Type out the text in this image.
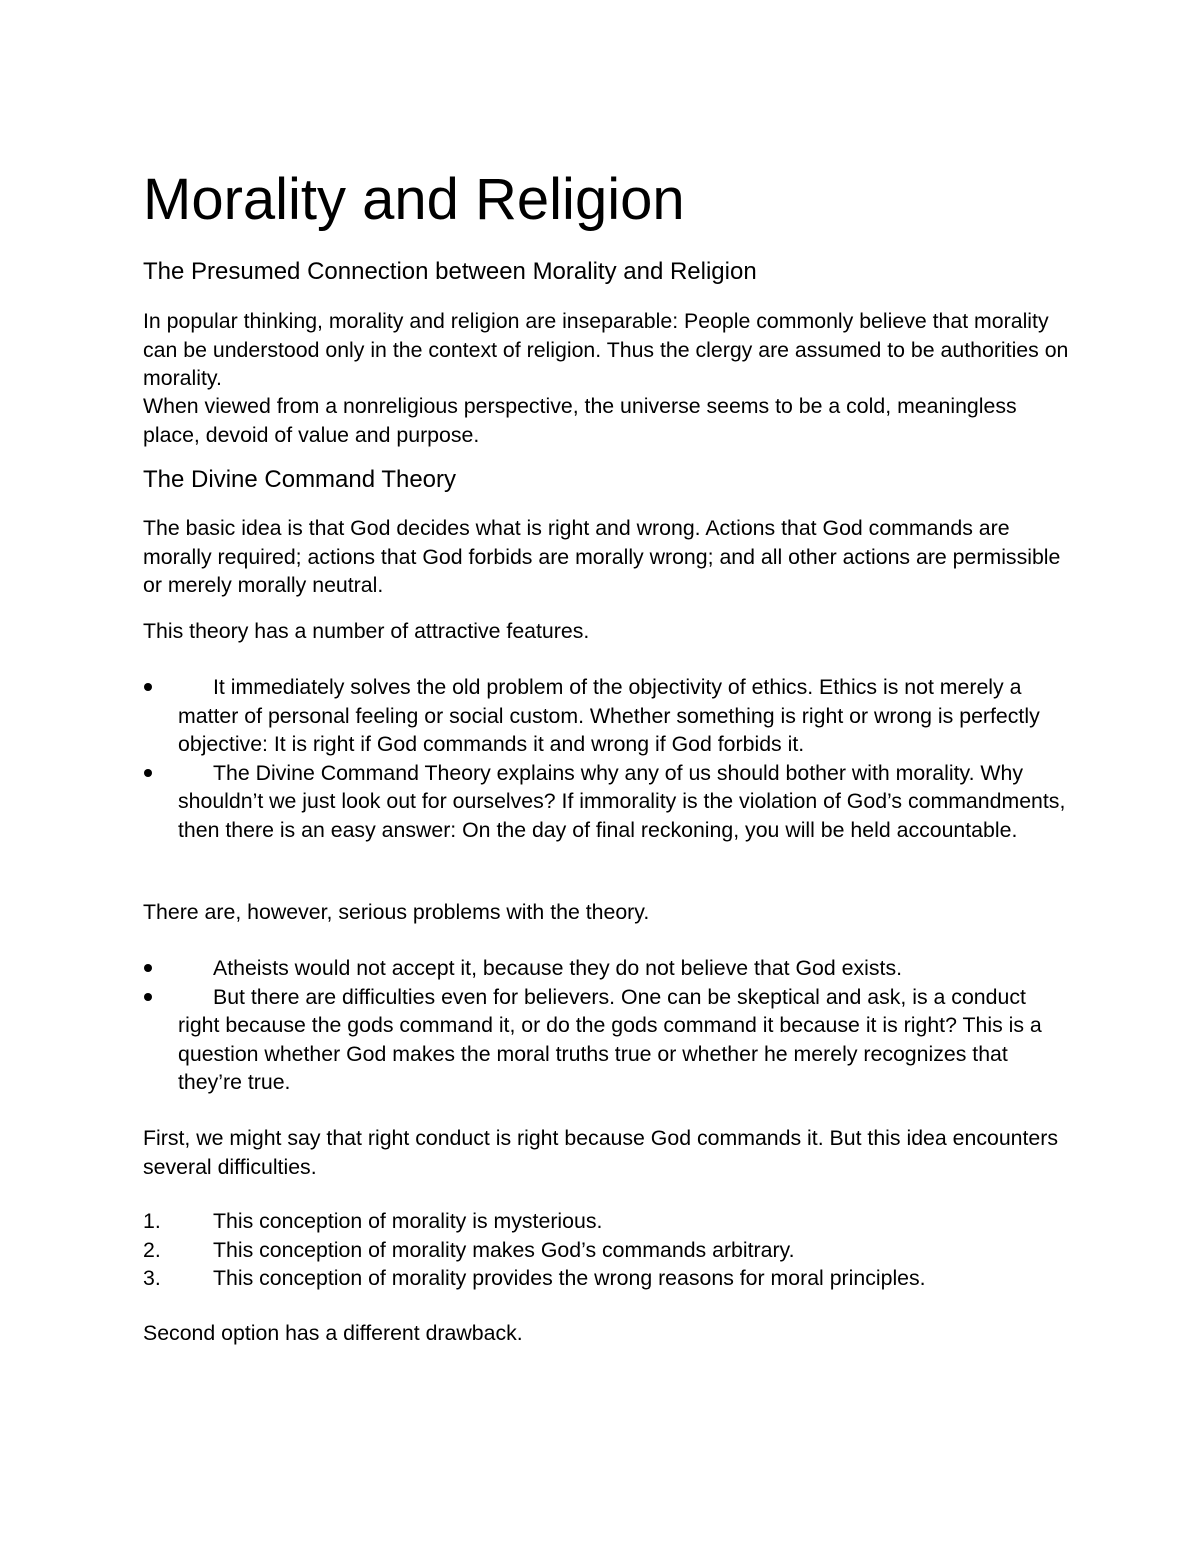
Morality and Religion
The Presumed Connection between Morality and Religion

In popular thinking, morality and religion are inseparable: People commonly believe that morality can be understood only in the context of religion. Thus the clergy are assumed to be authorities on morality.

When viewed from a nonreligious perspective, the universe seems to be a cold, meaningless place, devoid of value and purpose.

The Divine Command Theory

The basic idea is that God decides what is right and wrong. Actions that God commands are morally required; actions that God forbids are morally wrong; and all other actions are permissible or merely morally neutral.

This theory has a number of attractive features.

It immediately solves the old problem of the objectivity of ethics. Ethics is not merely a matter of personal feeling or social custom. Whether something is right or wrong is perfectly objective: It is right if God commands it and wrong if God forbids it.
The Divine Command Theory explains why any of us should bother with morality. Why shouldn’t we just look out for ourselves? If immorality is the violation of God’s commandments, then there is an easy answer: On the day of final reckoning, you will be held accountable.

There are, however, serious problems with the theory.

Atheists would not accept it, because they do not believe that God exists.
But there are difficulties even for believers. One can be skeptical and ask, is a conduct right because the gods command it, or do the gods command it because it is right? This is a question whether God makes the moral truths true or whether he merely recognizes that they’re true.

First, we might say that right conduct is right because God commands it. But this idea encounters several difficulties.

1.	This conception of morality is mysterious.
2.	This conception of morality makes God’s commands arbitrary.
3.	This conception of morality provides the wrong reasons for moral principles.

Second option has a different drawback.
